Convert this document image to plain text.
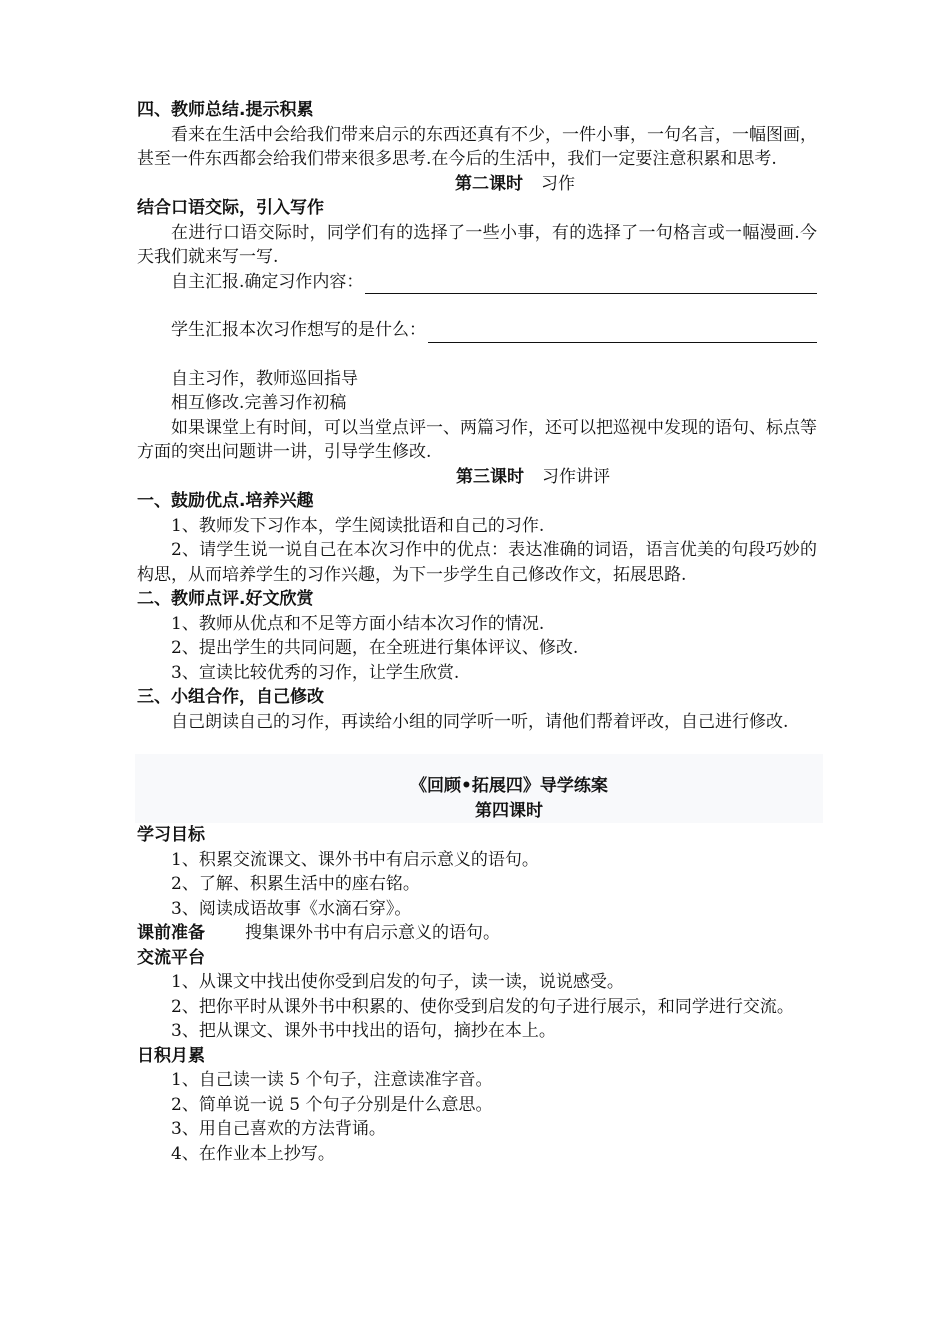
四、教师总结.提示积累

看来在生活中会给我们带来启示的东西还真有不少，一件小事，一句名言，一幅图画，甚至一件东西都会给我们带来很多思考.在今后的生活中，我们一定要注意积累和思考.

第二课时 习作
结合口语交际，引入写作

在进行口语交际时，同学们有的选择了一些小事，有的选择了一句格言或一幅漫画.今天我们就来写一写.

自主汇报.确定习作内容：
学生汇报本次习作想写的是什么：

自主习作，教师巡回指导

相互修改.完善习作初稿

如果课堂上有时间，可以当堂点评一、两篇习作，还可以把巡视中发现的语句、标点等方面的突出问题讲一讲，引导学生修改.

第三课时 习作讲评
一、鼓励优点.培养兴趣

1、教师发下习作本，学生阅读批语和自己的习作.

2、请学生说一说自己在本次习作中的优点：表达准确的词语，语言优美的句段巧妙的构思，从而培养学生的习作兴趣，为下一步学生自己修改作文，拓展思路.

二、教师点评.好文欣赏

1、教师从优点和不足等方面小结本次习作的情况.

2、提出学生的共同问题，在全班进行集体评议、修改.

3、宣读比较优秀的习作，让学生欣赏.

三、小组合作，自己修改

自己朗读自己的习作，再读给小组的同学听一听，请他们帮着评改，自己进行修改.

《回顾•拓展四》导学练案
第四课时
学习目标

1、积累交流课文、课外书中有启示意义的语句。

2、了解、积累生活中的座右铭。

3、阅读成语故事《水滴石穿》。

课前准备 搜集课外书中有启示意义的语句。
交流平台

1、从课文中找出使你受到启发的句子，读一读，说说感受。

2、把你平时从课外书中积累的、使你受到启发的句子进行展示，和同学进行交流。

3、把从课文、课外书中找出的语句，摘抄在本上。

日积月累

1、自己读一读 5 个句子，注意读准字音。

2、简单说一说 5 个句子分别是什么意思。

3、用自己喜欢的方法背诵。

4、在作业本上抄写。
